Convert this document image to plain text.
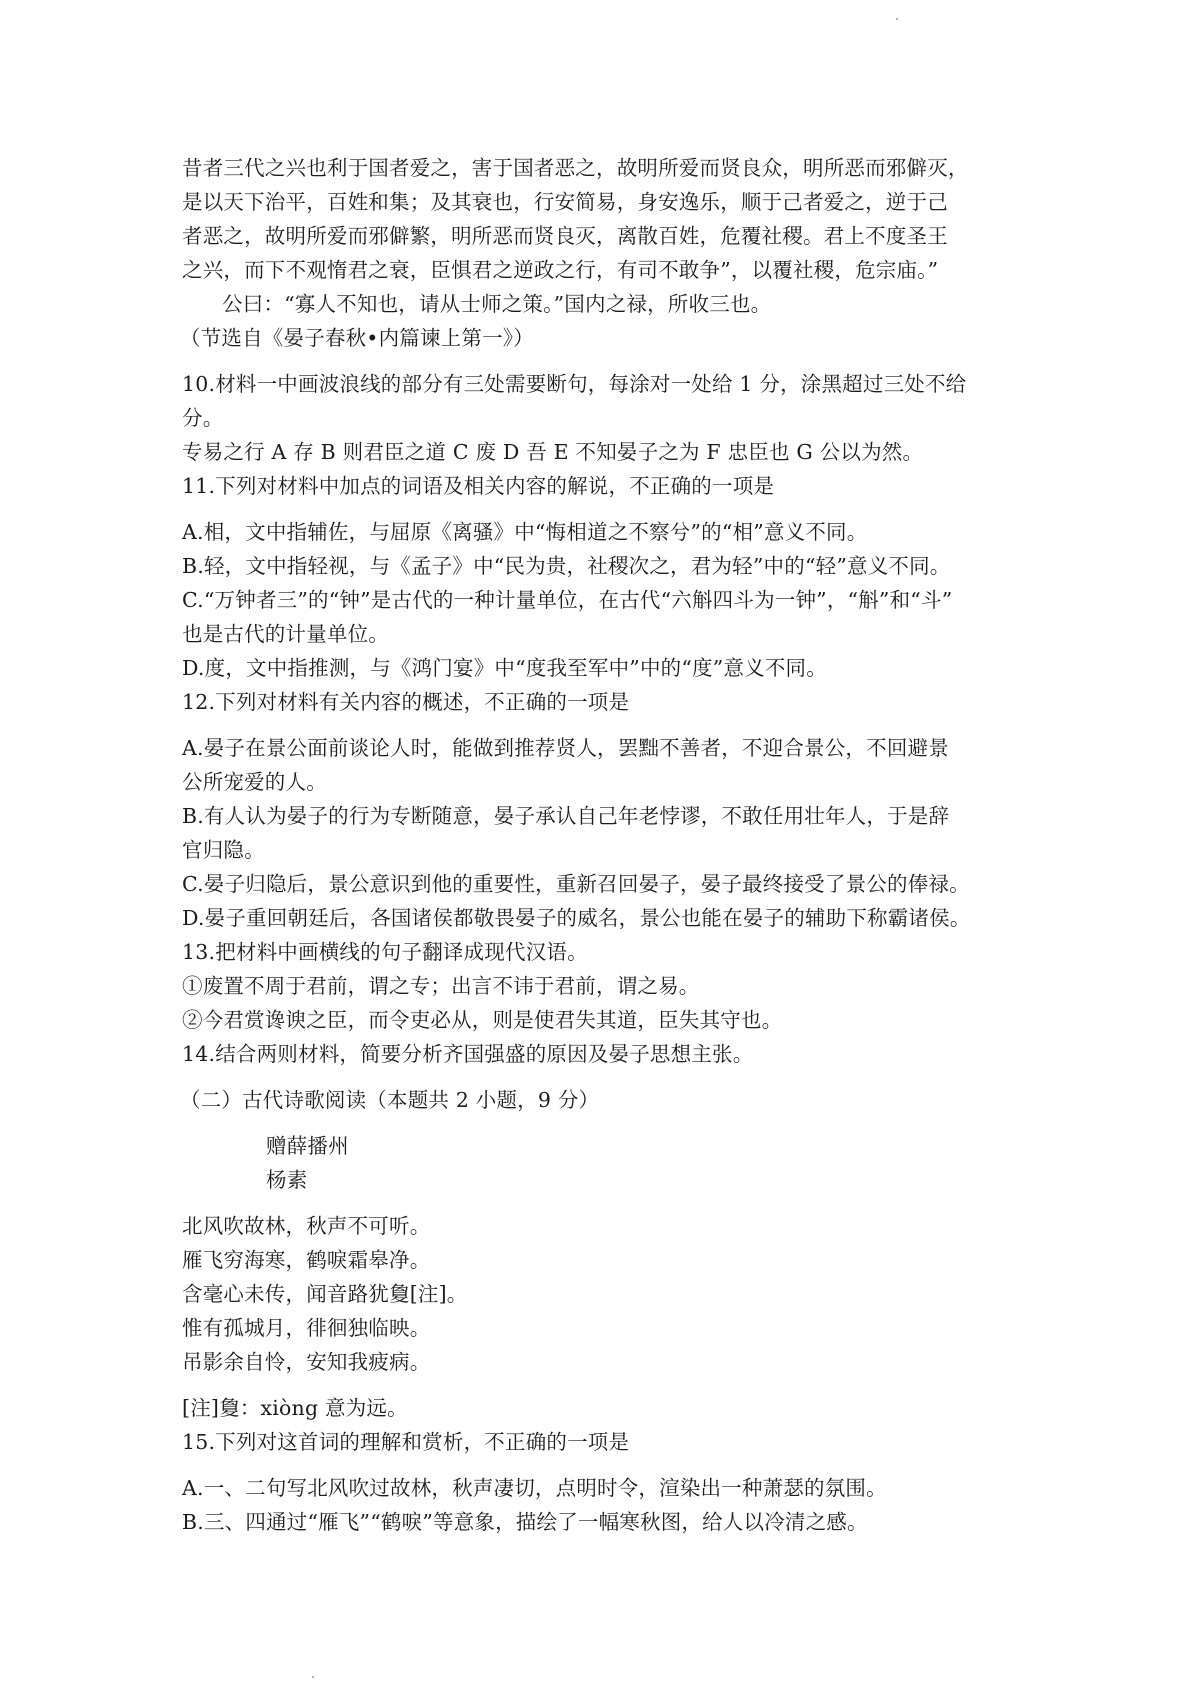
昔者三代之兴也利于国者爱之，害于国者恶之，故明所爱而贤良众，明所恶而邪僻灭，
是以天下治平，百姓和集；及其衰也，行安简易，身安逸乐，顺于己者爱之，逆于己
者恶之，故明所爱而邪僻繁，明所恶而贤良灭，离散百姓，危覆社稷。君上不度圣王
之兴，而下不观惰君之衰，臣惧君之逆政之行，有司不敢争”，以覆社稷，危宗庙。”
公曰：“寡人不知也，请从士师之策。”国内之禄，所收三也。
（节选自《晏子春秋•内篇谏上第一》）
10.材料一中画波浪线的部分有三处需要断句，每涂对一处给 1 分，涂黑超过三处不给
分。
专易之行 A 存 B 则君臣之道 C 废 D 吾 E 不知晏子之为 F 忠臣也 G 公以为然。
11.下列对材料中加点的词语及相关内容的解说，不正确的一项是
A.相，文中指辅佐，与屈原《离骚》中“悔相道之不察兮”的“相”意义不同。
B.轻，文中指轻视，与《孟子》中“民为贵，社稷次之，君为轻”中的“轻”意义不同。
C.“万钟者三”的“钟”是古代的一种计量单位，在古代“六斛四斗为一钟”，“斛”和“斗”
也是古代的计量单位。
D.度，文中指推测，与《鸿门宴》中“度我至军中”中的“度”意义不同。
12.下列对材料有关内容的概述，不正确的一项是
A.晏子在景公面前谈论人时，能做到推荐贤人，罢黜不善者，不迎合景公，不回避景
公所宠爱的人。
B.有人认为晏子的行为专断随意，晏子承认自己年老悖谬，不敢任用壮年人，于是辞
官归隐。
C.晏子归隐后，景公意识到他的重要性，重新召回晏子，晏子最终接受了景公的俸禄。
D.晏子重回朝廷后，各国诸侯都敬畏晏子的威名，景公也能在晏子的辅助下称霸诸侯。
13.把材料中画横线的句子翻译成现代汉语。
①废置不周于君前，谓之专；出言不讳于君前，谓之易。
②今君赏谗谀之臣，而令吏必从，则是使君失其道，臣失其守也。
14.结合两则材料，简要分析齐国强盛的原因及晏子思想主张。
（二）古代诗歌阅读（本题共 2 小题，9 分）
赠薛播州
杨素
北风吹故林，秋声不可听。
雁飞穷海寒，鹤唳霜皋净。
含毫心未传，闻音路犹敻[注]。
惟有孤城月，徘徊独临映。
吊影余自怜，安知我疲病。
[注]敻：xiòng 意为远。
15.下列对这首词的理解和赏析，不正确的一项是
A.一、二句写北风吹过故林，秋声凄切，点明时令，渲染出一种萧瑟的氛围。
B.三、四通过“雁飞”“鹤唳”等意象，描绘了一幅寒秋图，给人以冷清之感。
